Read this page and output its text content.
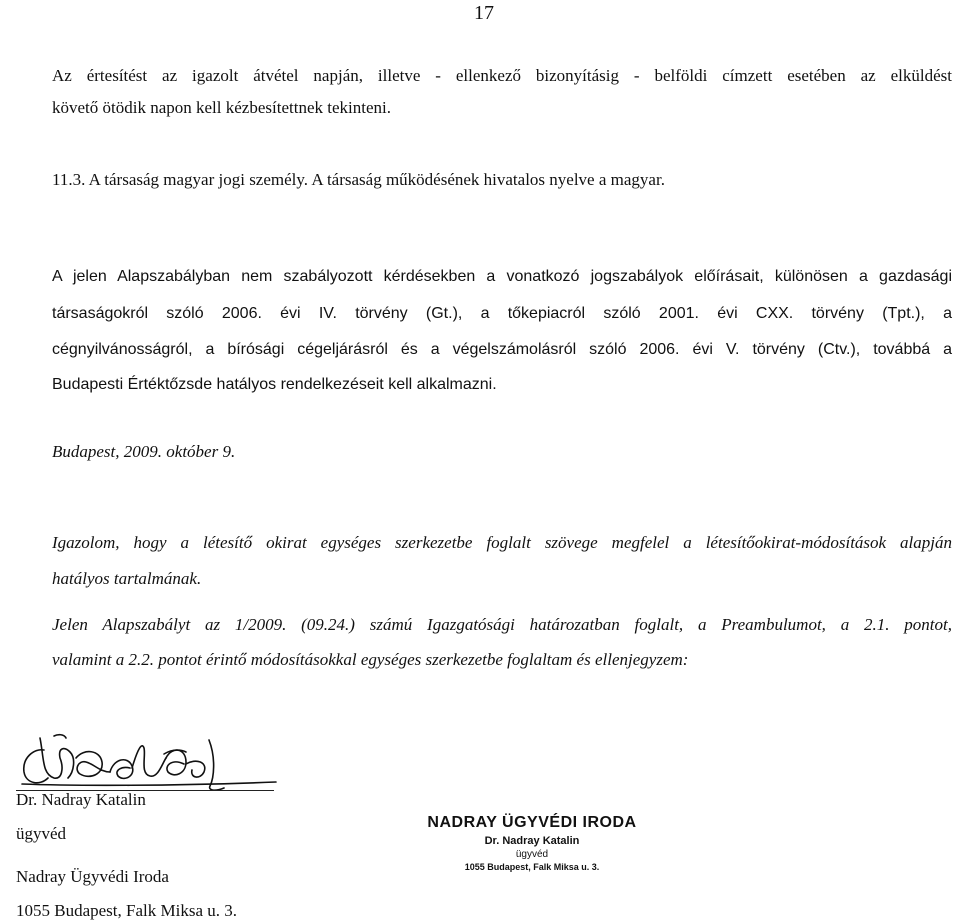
17
Az értesítést az igazolt átvétel napján, illetve - ellenkező bizonyításig - belföldi címzett esetében az elküldést
követő ötödik napon kell kézbesítettnek tekinteni.
11.3. A társaság magyar jogi személy. A társaság működésének hivatalos nyelve a magyar.
A jelen Alapszabályban nem szabályozott kérdésekben a vonatkozó jogszabályok előírásait, különösen a gazdasági
társaságokról szóló 2006. évi IV. törvény (Gt.), a tőkepiacról szóló 2001. évi CXX. törvény (Tpt.), a
cégnyilvánosságról, a bírósági cégeljárásról és a végelszámolásról szóló 2006. évi V. törvény (Ctv.), továbbá a
Budapesti Értéktőzsde hatályos rendelkezéseit kell alkalmazni.
Budapest, 2009. október 9.
Igazolom, hogy a létesítő okirat egységes szerkezetbe foglalt szövege megfelel a létesítőokirat-módosítások alapján
hatályos tartalmának.
Jelen Alapszabályt az 1/2009. (09.24.) számú Igazgatósági határozatban foglalt, a Preambulumot, a 2.1. pontot,
valamint a 2.2. pontot érintő módosításokkal egységes szerkezetbe foglaltam és ellenjegyzem:
Dr. Nadray Katalin
ügyvéd
Nadray Ügyvédi Iroda
1055 Budapest, Falk Miksa u. 3.
NADRAY ÜGYVÉDI IRODA
Dr. Nadray Katalin
ügyvéd
1055 Budapest, Falk Miksa u. 3.
